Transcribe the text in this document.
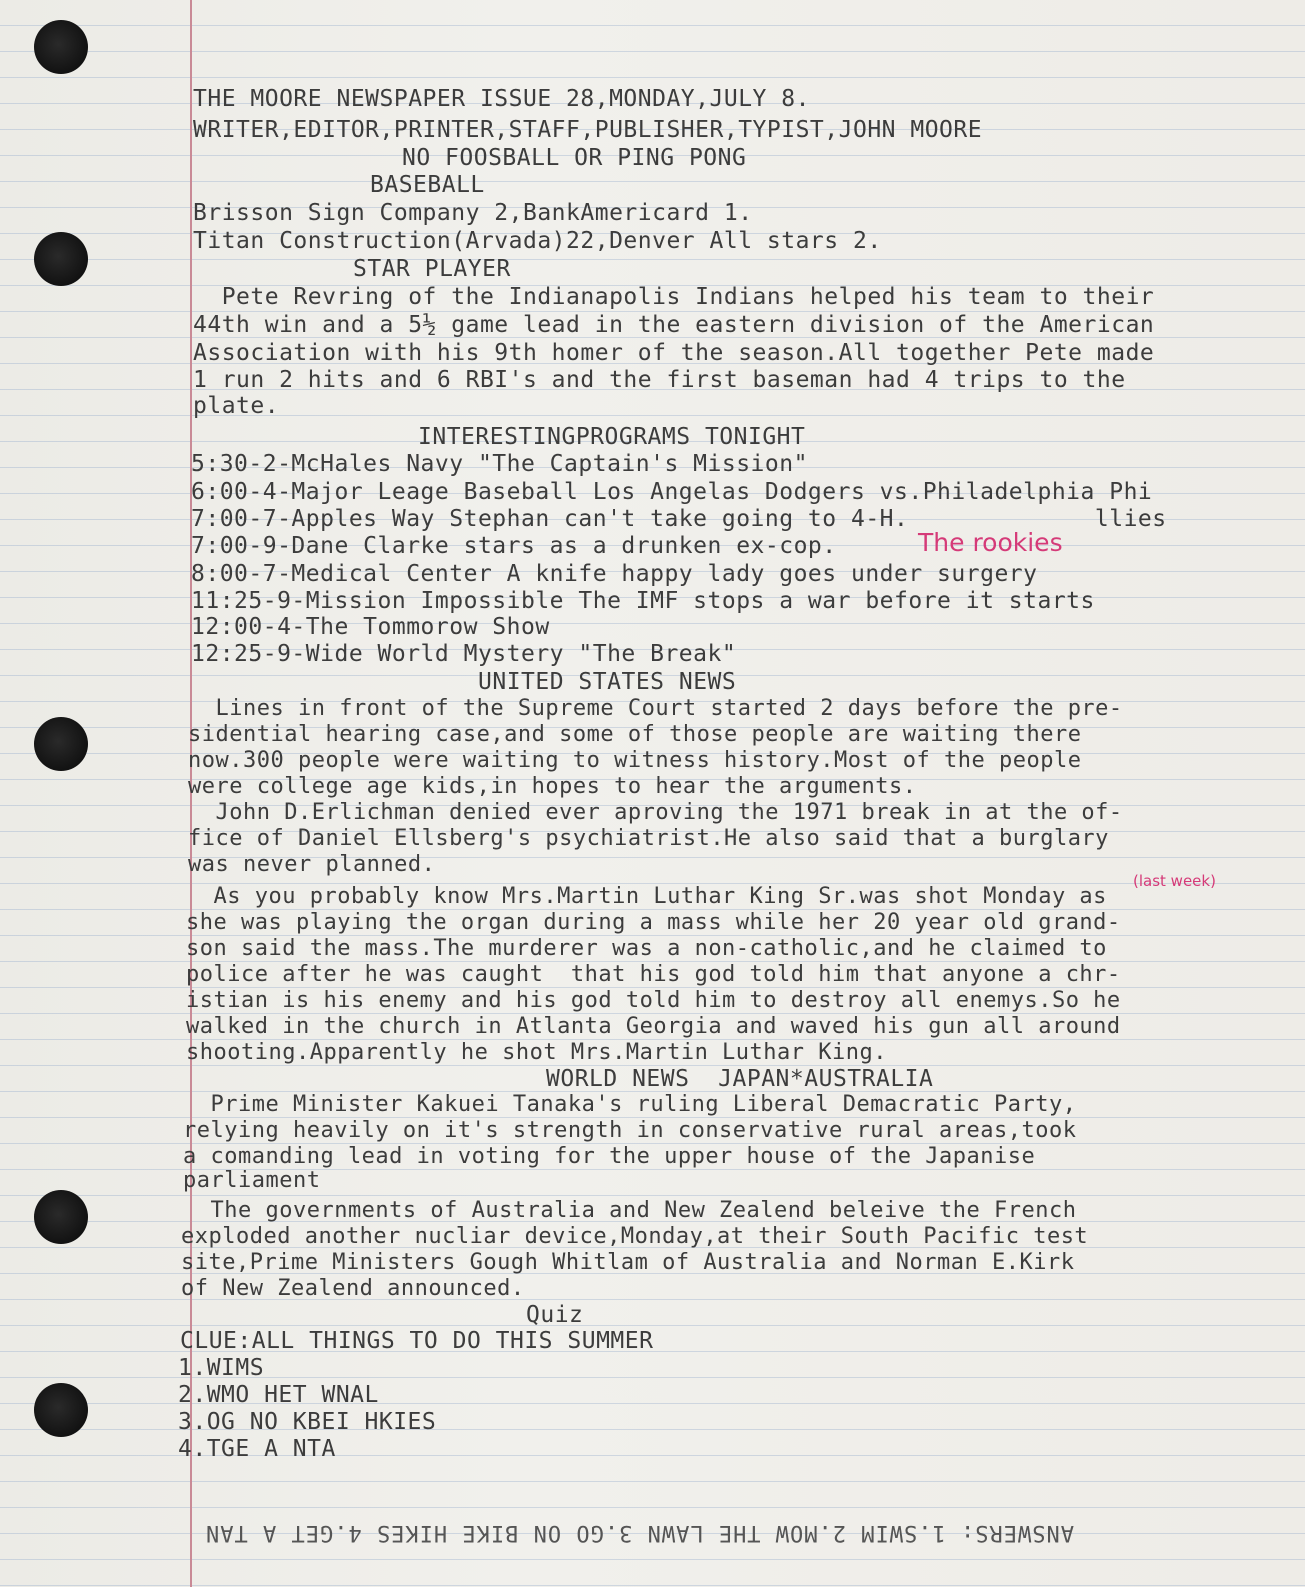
THE MOORE NEWSPAPER ISSUE 28,MONDAY,JULY 8.
WRITER,EDITOR,PRINTER,STAFF,PUBLISHER,TYPIST,JOHN MOORE
NO FOOSBALL OR PING PONG
BASEBALL
Brisson Sign Company 2,BankAmericard 1.
Titan Construction(Arvada)22,Denver All stars 2.
STAR PLAYER
Pete Revring of the Indianapolis Indians helped his team to their
44th win and a 5½ game lead in the eastern division of the American
Association with his 9th homer of the season.All together Pete made
1 run 2 hits and 6 RBI's and the first baseman had 4 trips to the
plate.
INTERESTINGPROGRAMS TONIGHT
5:30-2-McHales Navy "The Captain's Mission"
6:00-4-Major Leage Baseball Los Angelas Dodgers vs.Philadelphia Phi
7:00-7-Apples Way Stephan can't take going to 4-H.             llies
7:00-9-Dane Clarke stars as a drunken ex-cop.	The rookies
8:00-7-Medical Center A knife happy lady goes under surgery
11:25-9-Mission Impossible The IMF stops a war before it starts
12:00-4-The Tommorow Show
12:25-9-Wide World Mystery "The Break"
UNITED STATES NEWS
Lines in front of the Supreme Court started 2 days before the pre-
sidential hearing case,and some of those people are waiting there
now.300 people were waiting to witness history.Most of the people
were college age kids,in hopes to hear the arguments.
John D.Erlichman denied ever aproving the 1971 break in at the of-
fice of Daniel Ellsberg's psychiatrist.He also said that a burglary
was never planned.
(last week)
As you probably know Mrs.Martin Luthar King Sr.was shot Monday as
she was playing the organ during a mass while her 20 year old grand-
son said the mass.The murderer was a non-catholic,and he claimed to
police after he was caught  that his god told him that anyone a chr-
istian is his enemy and his god told him to destroy all enemys.So he
walked in the church in Atlanta Georgia and waved his gun all around
shooting.Apparently he shot Mrs.Martin Luthar King.
WORLD NEWS  JAPAN*AUSTRALIA
Prime Minister Kakuei Tanaka's ruling Liberal Demacratic Party,
relying heavily on it's strength in conservative rural areas,took
a comanding lead in voting for the upper house of the Japanise
parliament
The governments of Australia and New Zealend beleive the French
exploded another nucliar device,Monday,at their South Pacific test
site,Prime Ministers Gough Whitlam of Australia and Norman E.Kirk
of New Zealend announced.
Quiz
CLUE:ALL THINGS TO DO THIS SUMMER
1.WIMS
2.WMO HET WNAL
3.OG NO KBEI HKIES
4.TGE A NTA
ANSWERS: 1.SWIM 2.MOW THE LAWN 3.GO ON BIKE HIKES 4.GET A TAN
